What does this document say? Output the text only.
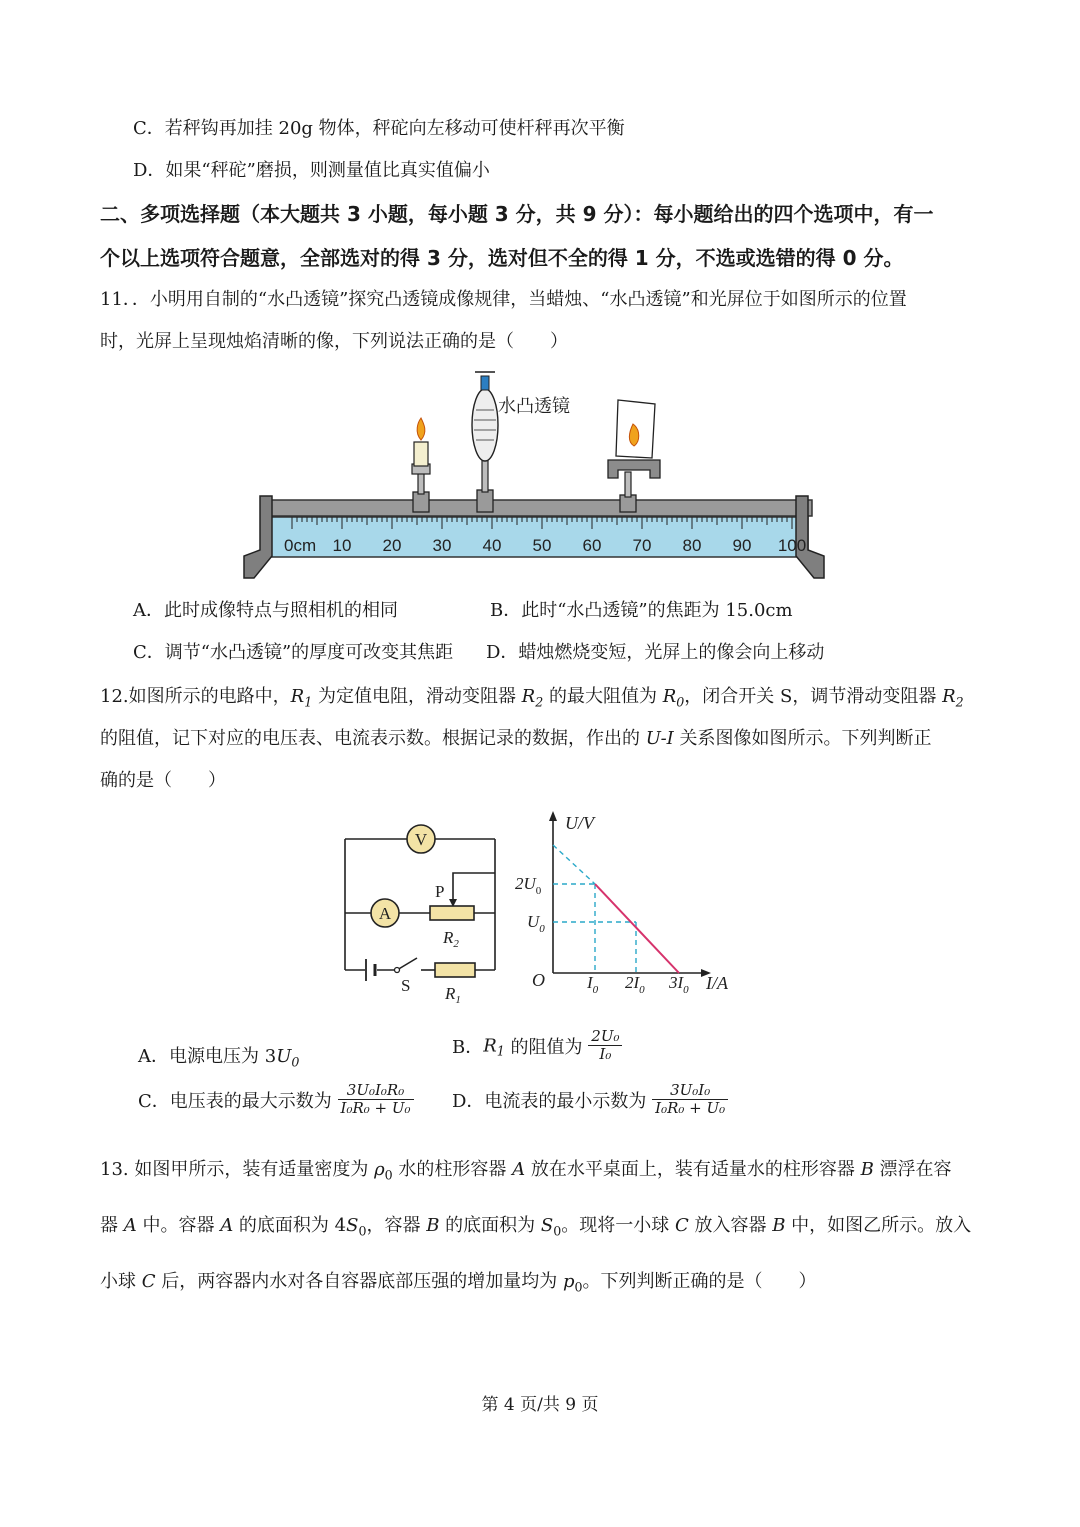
C．若秤钩再加挂 20g 物体，秤砣向左移动可使杆秤再次平衡
D．如果“秤砣”磨损，则测量值比真实值偏小
二、多项选择题（本大题共 3 小题，每小题 3 分，共 9 分）：每小题给出的四个选项中，有一
个以上选项符合题意，全部选对的得 3 分，选对但不全的得 1 分，不选或选错的得 0 分。
11．．小明用自制的“水凸透镜”探究凸透镜成像规律，当蜡烛、“水凸透镜”和光屏位于如图所示的位置
时，光屏上呈现烛焰清晰的像，下列说法正确的是（　　）
水凸透镜
0cm 10 20 30 40 50 60 70 80 90 100
A．此时成像特点与照相机的相同	B．此时“水凸透镜”的焦距为 15.0cm
C．调节“水凸透镜”的厚度可改变其焦距 D．蜡烛燃烧变短，光屏上的像会向上移动
12.如图所示的电路中，$R_1$ 为定值电阻，滑动变阻器 $R_2$ 的最大阻值为 $R_0$，闭合开关 S，调节滑动变阻器 $R_2$
的阻值，记下对应的电压表、电流表示数。根据记录的数据，作出的 U-I 关系图像如图所示。下列判断正
确的是（　　）
V
A
P
$R_2$
S $R_1$
U/V
I/A
O
$2U_0$
$U_0$
$I_0$ $2I_0$ $3I_0$
A．电源电压为 $3U_0$
B．$R_1$ 的阻值为 $\frac{\text{2U₀}}{\text{I₀}}$
C．电压表的最大示数为 $\frac{\text{3U₀I₀R₀}}{\text{I₀R₀ + U₀}}$ D．电流表的最小示数为 $\frac{\text{3U₀I₀}}{\text{I₀R₀ + U₀}}$
13. 如图甲所示，装有适量密度为 $\rho_0$ 水的柱形容器 A 放在水平桌面上，装有适量水的柱形容器 B 漂浮在容
器 A 中。容器 A 的底面积为 $4S_0$，容器 B 的底面积为 $S_0$。现将一小球 C 放入容器 B 中，如图乙所示。放入
小球 C 后，两容器内水对各自容器底部压强的增加量均为 $p_0$。下列判断正确的是（　　）
第 4 页/共 9 页
